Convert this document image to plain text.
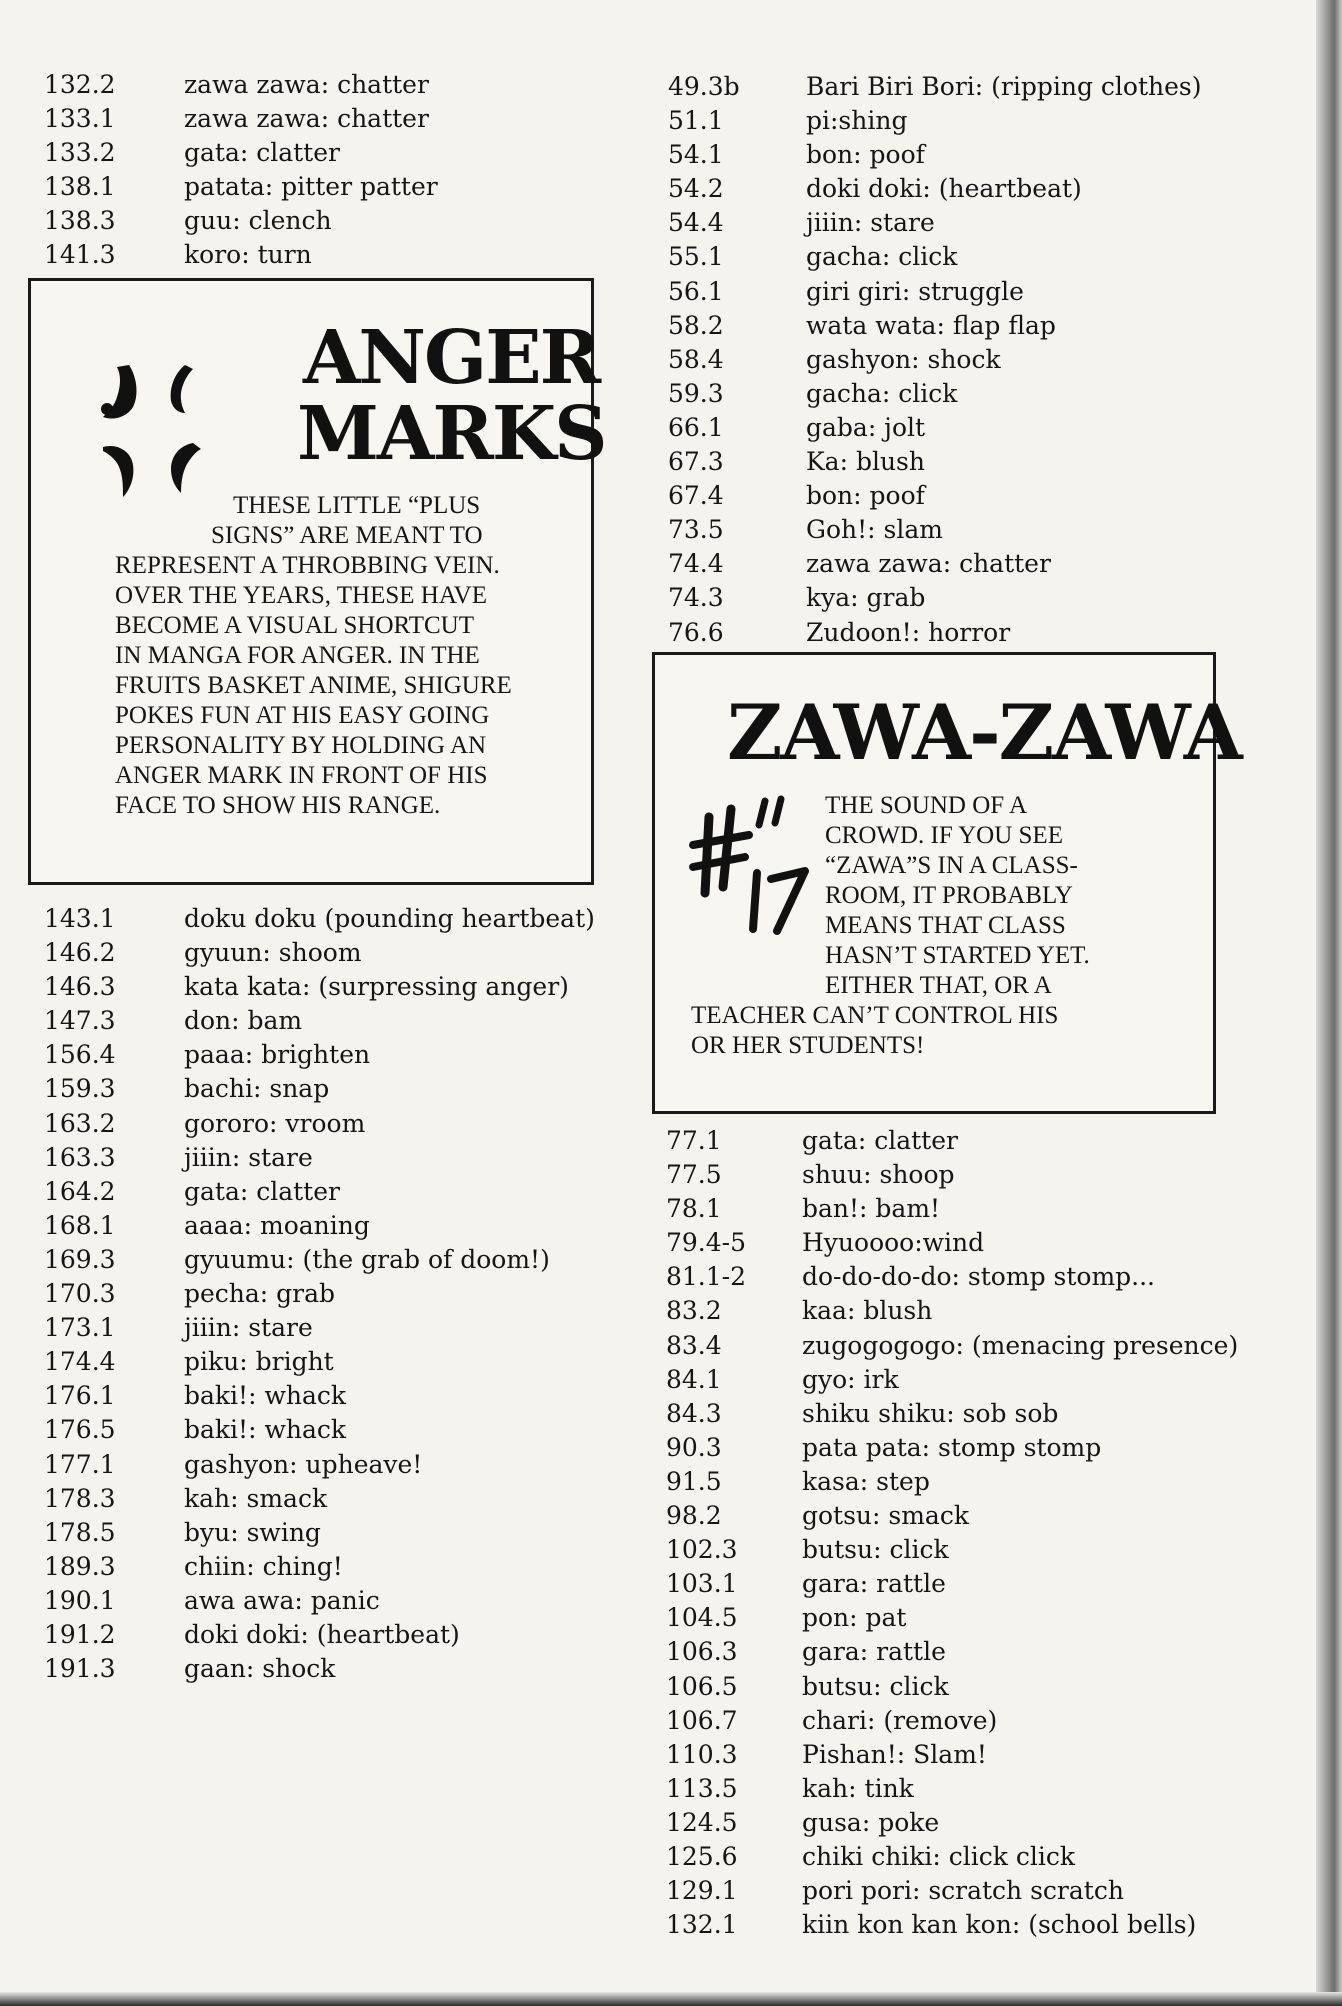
132.2	zawa zawa: chatter
133.1	zawa zawa: chatter
133.2	gata: clatter
138.1	patata: pitter patter
138.3	guu: clench
141.3	koro: turn
ANGER
MARKS
THESE LITTLE “PLUS
SIGNS” ARE MEANT TO
REPRESENT A THROBBING VEIN.
OVER THE YEARS, THESE HAVE
BECOME A VISUAL SHORTCUT
IN MANGA FOR ANGER. IN THE
FRUITS BASKET ANIME, SHIGURE
POKES FUN AT HIS EASY GOING
PERSONALITY BY HOLDING AN
ANGER MARK IN FRONT OF HIS
FACE TO SHOW HIS RANGE.
143.1	doku doku (pounding heartbeat)
146.2	gyuun: shoom
146.3	kata kata: (surpressing anger)
147.3	don: bam
156.4	paaa: brighten
159.3	bachi: snap
163.2	gororo: vroom
163.3	jiiin: stare
164.2	gata: clatter
168.1	aaaa: moaning
169.3	gyuumu: (the grab of doom!)
170.3	pecha: grab
173.1	jiiin: stare
174.4	piku: bright
176.1	baki!: whack
176.5	baki!: whack
177.1	gashyon: upheave!
178.3	kah: smack
178.5	byu: swing
189.3	chiin: ching!
190.1	awa awa: panic
191.2	doki doki: (heartbeat)
191.3	gaan: shock
49.3b	Bari Biri Bori: (ripping clothes)
51.1	pi:shing
54.1	bon: poof
54.2	doki doki: (heartbeat)
54.4	jiiin: stare
55.1	gacha: click
56.1	giri giri: struggle
58.2	wata wata: flap flap
58.4	gashyon: shock
59.3	gacha: click
66.1	gaba: jolt
67.3	Ka: blush
67.4	bon: poof
73.5	Goh!: slam
74.4	zawa zawa: chatter
74.3	kya: grab
76.6	Zudoon!: horror
ZAWA-ZAWA
THE SOUND OF A
CROWD. IF YOU SEE
“ZAWA”S IN A CLASS-
ROOM, IT PROBABLY
MEANS THAT CLASS
HASN’T STARTED YET.
EITHER THAT, OR A
TEACHER CAN’T CONTROL HIS
OR HER STUDENTS!
77.1	gata: clatter
77.5	shuu: shoop
78.1	ban!: bam!
79.4-5	Hyuoooo:wind
81.1-2	do-do-do-do: stomp stomp...
83.2	kaa: blush
83.4	zugogogogo: (menacing presence)
84.1	gyo: irk
84.3	shiku shiku: sob sob
90.3	pata pata: stomp stomp
91.5	kasa: step
98.2	gotsu: smack
102.3	butsu: click
103.1	gara: rattle
104.5	pon: pat
106.3	gara: rattle
106.5	butsu: click
106.7	chari: (remove)
110.3	Pishan!: Slam!
113.5	kah: tink
124.5	gusa: poke
125.6	chiki chiki: click click
129.1	pori pori: scratch scratch
132.1	kiin kon kan kon: (school bells)
